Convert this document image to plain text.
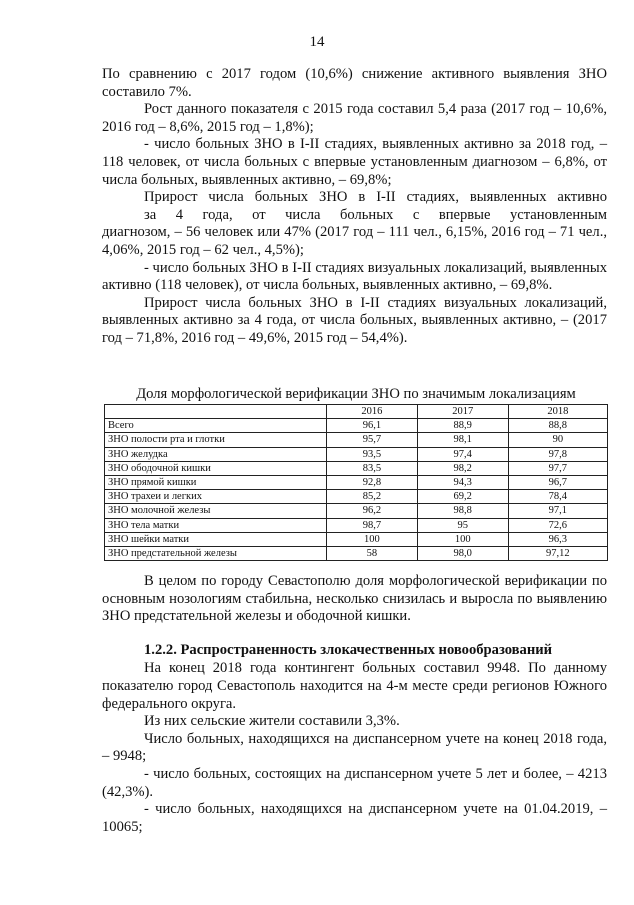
14

По сравнению с 2017 годом (10,6%) снижение активного выявления ЗНО составило 7%.

Рост данного показателя с 2015 года составил 5,4 раза (2017 год – 10,6%, 2016 год – 8,6%, 2015 год – 1,8%);

- число больных ЗНО в I-II стадиях, выявленных активно за 2018 год, – 118 человек, от числа больных с впервые установленным диагнозом – 6,8%, от числа больных, выявленных активно, – 69,8%;

Прирост числа больных ЗНО в I-II стадиях, выявленных активно
за 4 года, от числа больных с впервые установленным
диагнозом, – 56 человек или 47% (2017 год – 111 чел., 6,15%, 2016 год – 71 чел., 4,06%, 2015 год – 62 чел., 4,5%);

- число больных ЗНО в I-II стадиях визуальных локализаций, выявленных активно (118 человек), от числа больных, выявленных активно, – 69,8%.

Прирост числа больных ЗНО в I-II стадиях визуальных локализаций, выявленных активно за 4 года, от числа больных, выявленных активно, – (2017 год – 71,8%, 2016 год – 49,6%, 2015 год – 54,4%).

Доля морфологической верификации ЗНО по значимым локализациям
	2016	2017	2018
Всего	96,1	88,9	88,8
ЗНО полости рта и глотки	95,7	98,1	90
ЗНО желудка	93,5	97,4	97,8
ЗНО ободочной кишки	83,5	98,2	97,7
ЗНО прямой кишки	92,8	94,3	96,7
ЗНО трахеи и легких	85,2	69,2	78,4
ЗНО молочной железы	96,2	98,8	97,1
ЗНО тела матки	98,7	95	72,6
ЗНО шейки матки	100	100	96,3
ЗНО предстательной железы	58	98,0	97,12

В целом по городу Севастополю доля морфологической верификации по основным нозологиям стабильна, несколько снизилась и выросла по выявлению ЗНО предстательной железы и ободочной кишки.

1.2.2. Распространенность злокачественных новообразований

На конец 2018 года контингент больных составил 9948. По данному показателю город Севастополь находится на 4-м месте среди регионов Южного федерального округа.

Из них сельские жители составили 3,3%.

Число больных, находящихся на диспансерном учете на конец 2018 года, – 9948;

- число больных, состоящих на диспансерном учете 5 лет и более, – 4213 (42,3%).

- число больных, находящихся на диспансерном учете на 01.04.2019, – 10065;
